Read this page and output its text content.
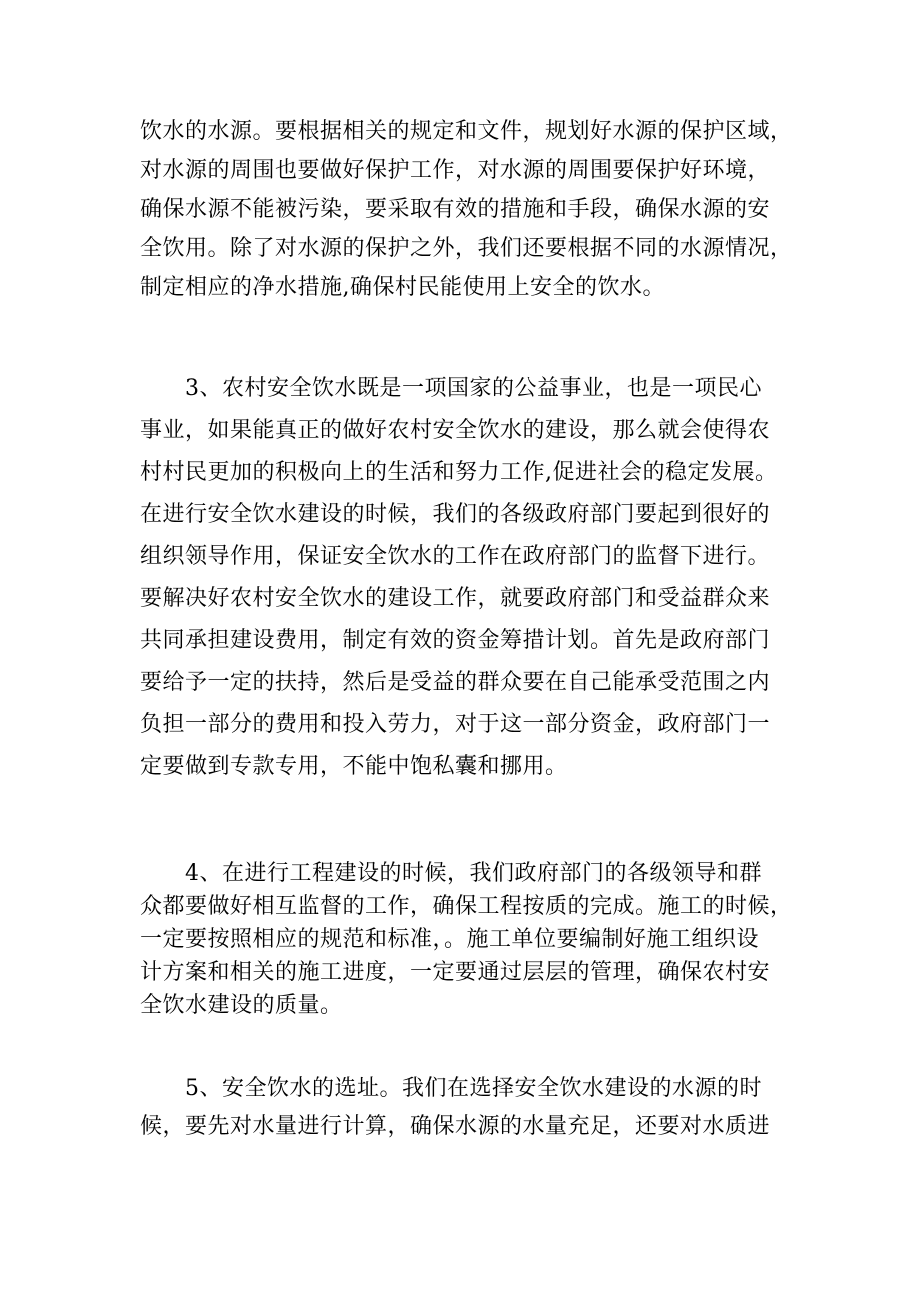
饮水的水源。要根据相关的规定和文件，规划好水源的保护区域，
对水源的周围也要做好保护工作，对水源的周围要保护好环境，
确保水源不能被污染，要采取有效的措施和手段，确保水源的安
全饮用。除了对水源的保护之外，我们还要根据不同的水源情况，
制定相应的净水措施,确保村民能使用上安全的饮水。
　　3、农村安全饮水既是一项国家的公益事业，也是一项民心
事业，如果能真正的做好农村安全饮水的建设，那么就会使得农
村村民更加的积极向上的生活和努力工作,促进社会的稳定发展。
在进行安全饮水建设的时候，我们的各级政府部门要起到很好的
组织领导作用，保证安全饮水的工作在政府部门的监督下进行。
要解决好农村安全饮水的建设工作，就要政府部门和受益群众来
共同承担建设费用，制定有效的资金筹措计划。首先是政府部门
要给予一定的扶持，然后是受益的群众要在自己能承受范围之内
负担一部分的费用和投入劳力，对于这一部分资金，政府部门一
定要做到专款专用，不能中饱私囊和挪用。
　　4、在进行工程建设的时候，我们政府部门的各级领导和群
众都要做好相互监督的工作，确保工程按质的完成。施工的时候，
一定要按照相应的规范和标准，。施工单位要编制好施工组织设
计方案和相关的施工进度，一定要通过层层的管理，确保农村安
全饮水建设的质量。
　　5、安全饮水的选址。我们在选择安全饮水建设的水源的时
候，要先对水量进行计算，确保水源的水量充足，还要对水质进
